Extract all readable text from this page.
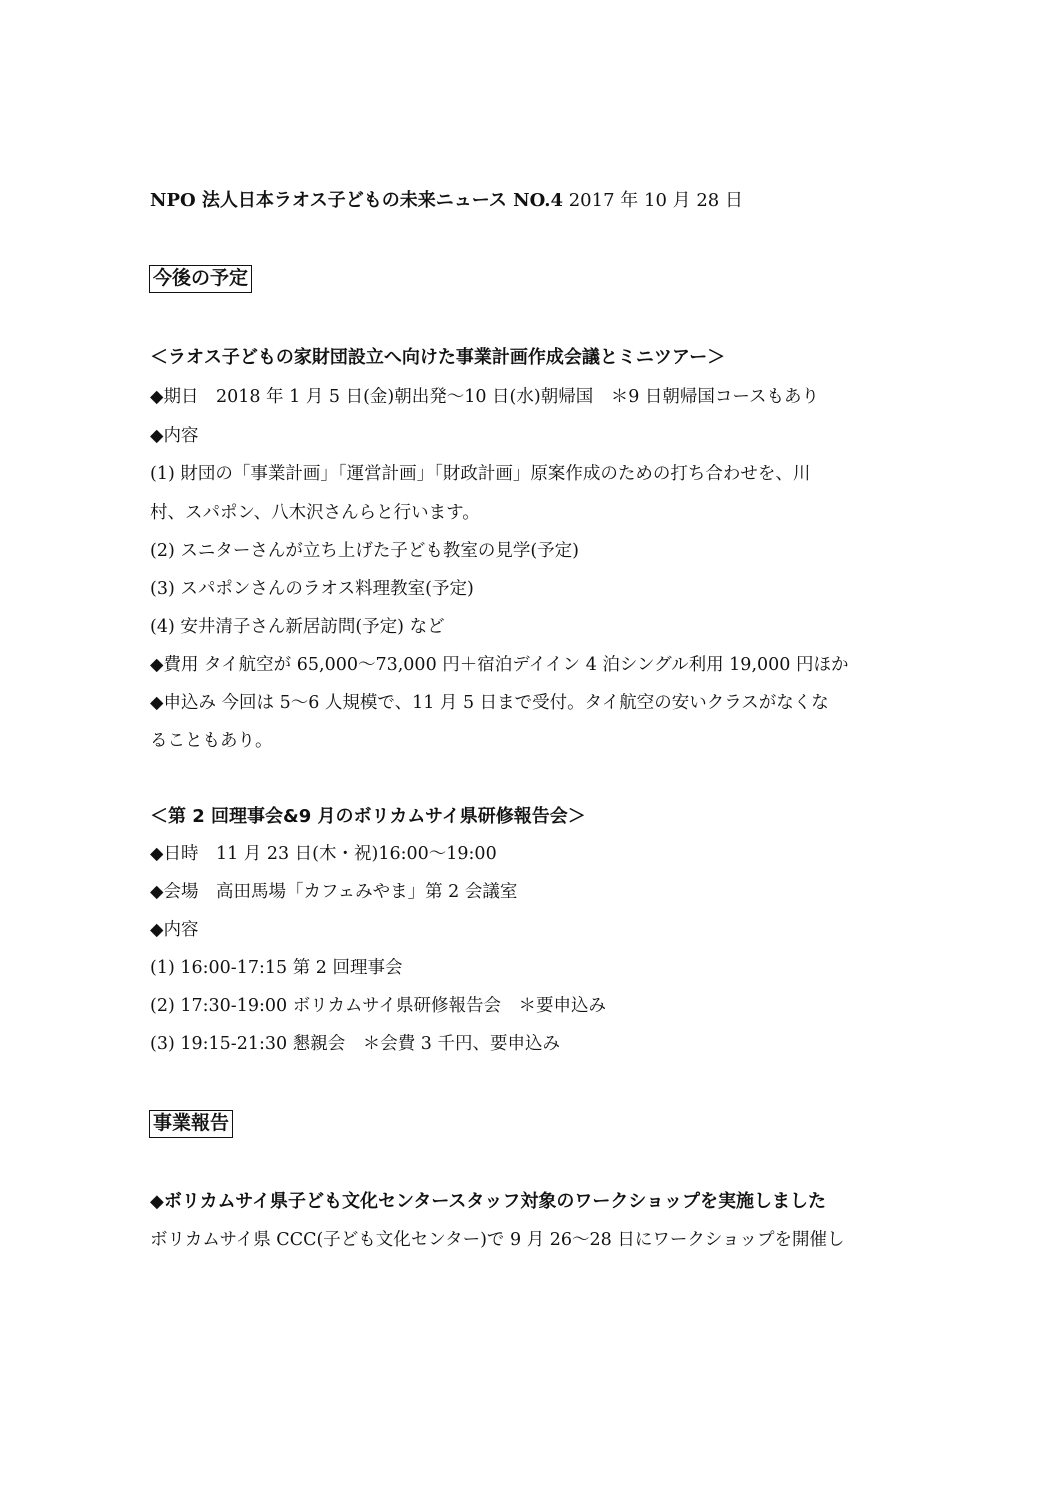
NPO 法人日本ラオス子どもの未来ニュース NO.4 2017 年 10 月 28 日
今後の予定
＜ラオス子どもの家財団設立へ向けた事業計画作成会議とミニツアー＞
◆期日　2018 年 1 月 5 日(金)朝出発～10 日(水)朝帰国　＊9 日朝帰国コースもあり
◆内容
(1) 財団の「事業計画」「運営計画」「財政計画」原案作成のための打ち合わせを、川
村、スパポン、八木沢さんらと行います。
(2) スニターさんが立ち上げた子ども教室の見学(予定)
(3) スパポンさんのラオス料理教室(予定)
(4) 安井清子さん新居訪問(予定) など
◆費用 タイ航空が 65,000～73,000 円＋宿泊デイイン 4 泊シングル利用 19,000 円ほか
◆申込み 今回は 5～6 人規模で、11 月 5 日まで受付。タイ航空の安いクラスがなくな
ることもあり。
＜第 2 回理事会&9 月のボリカムサイ県研修報告会＞
◆日時　11 月 23 日(木・祝)16:00～19:00
◆会場　高田馬場「カフェみやま」第 2 会議室
◆内容
(1) 16:00-17:15 第 2 回理事会
(2) 17:30-19:00 ボリカムサイ県研修報告会　＊要申込み
(3) 19:15-21:30 懇親会　＊会費 3 千円、要申込み
事業報告
◆ボリカムサイ県子ども文化センタースタッフ対象のワークショップを実施しました
ボリカムサイ県 CCC(子ども文化センター)で 9 月 26～28 日にワークショップを開催し
